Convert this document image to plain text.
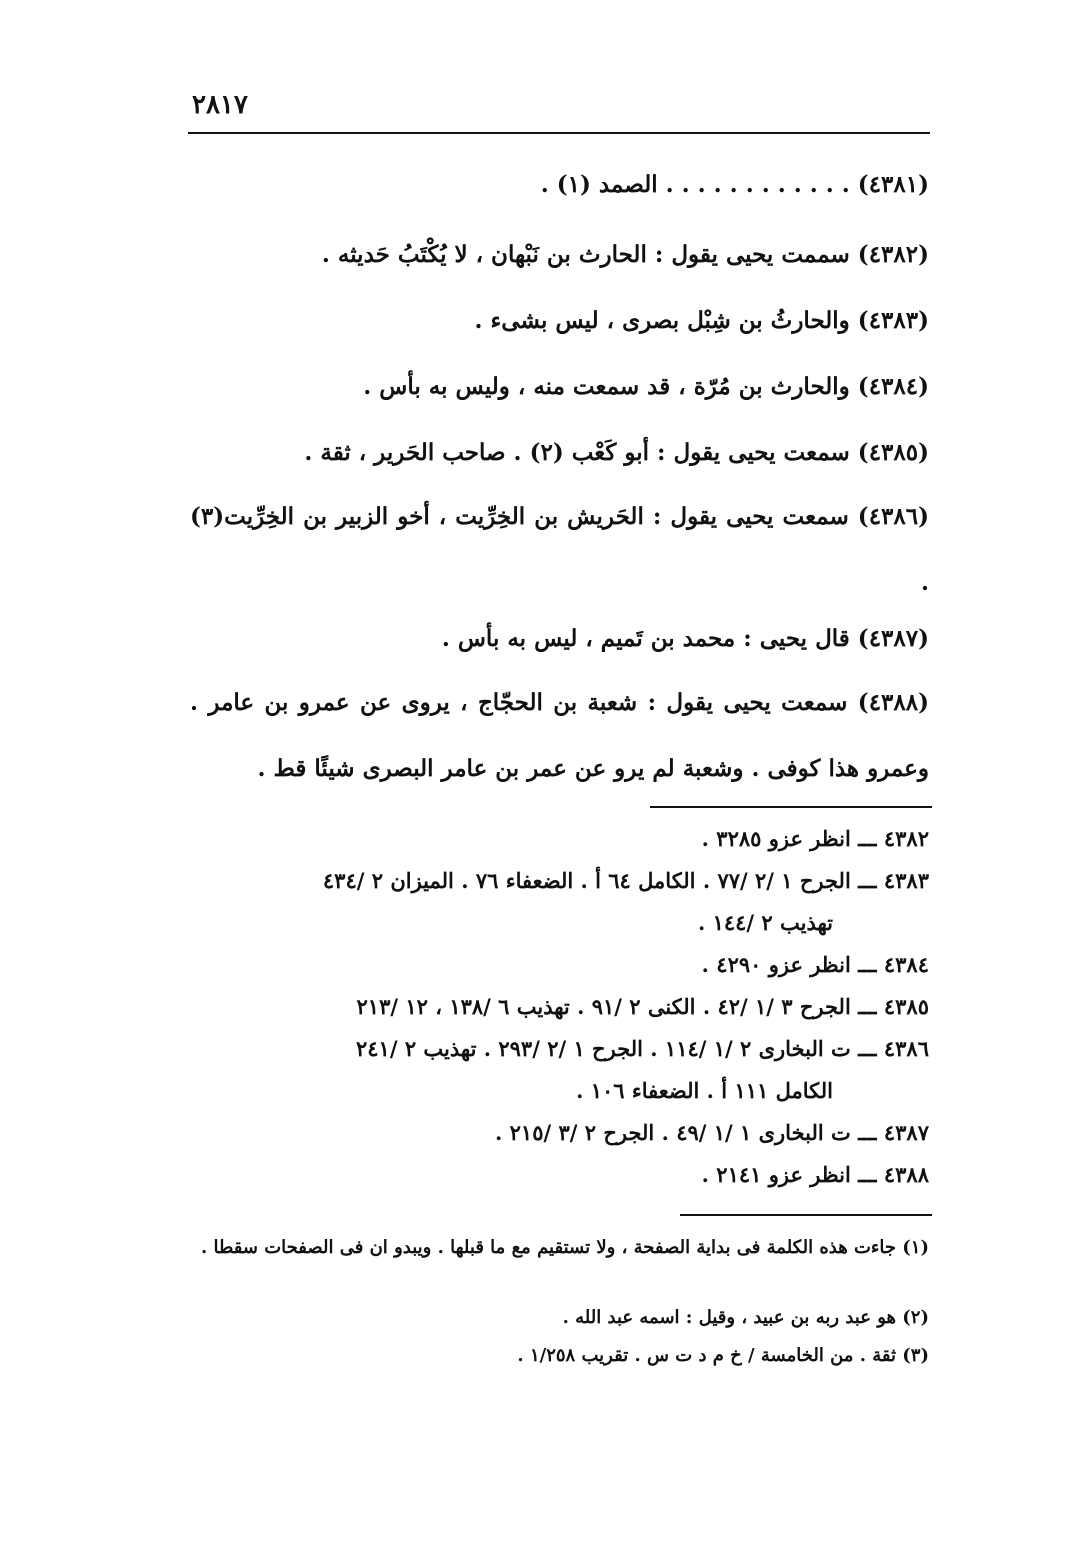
٢٨١٧
(٤٣٨١) . . . . . . . . . . . . الصمد (١) .
(٤٣٨٢) سممت يحيى يقول : الحارث بن نَبْهان ، لا يُكْتَبُ حَديثه .
(٤٣٨٣) والحارثُ بن شِبْل بصرى ، ليس بشىء .
(٤٣٨٤) والحارث بن مُرّة ، قد سمعت منه ، وليس به بأس .
(٤٣٨٥) سمعت يحيى يقول : أبو كَعْب (٢) . صاحب الحَرير ، ثقة .
(٤٣٨٦) سمعت يحيى يقول : الحَريش بن الخِرِّيت ، أخو الزبير بن الخِرِّيت(٣) .
(٤٣٨٧) قال يحيى : محمد بن تَميم ، ليس به بأس .
(٤٣٨٨) سمعت يحيى يقول : شعبة بن الحجّاج ، يروى عن عمرو بن عامر . وعمرو هذا كوفى . وشعبة لم يرو عن عمر بن عامر البصرى شيئًا قط .
٤٣٨٢ ـــ انظر عزو ٣٢٨٥ .
٤٣٨٣ ـــ الجرح ١ /٢ /٧٧ . الكامل ٦٤ أ . الضعفاء ٧٦ . الميزان ٢ /٤٣٤
تهذيب ٢ /١٤٤ .
٤٣٨٤ ـــ انظر عزو ٤٢٩٠ .
٤٣٨٥ ـــ الجرح ٣ /١ /٤٢ . الكنى ٢ /٩١ . تهذيب ٦ /١٣٨ ، ١٢ /٢١٣
٤٣٨٦ ـــ ت البخارى ٢ /١ /١١٤ . الجرح ١ /٢ /٢٩٣ . تهذيب ٢ /٢٤١
الكامل ١١١ أ . الضعفاء ١٠٦ .
٤٣٨٧ ـــ ت البخارى ١ /١ /٤٩ . الجرح ٢ /٣ /٢١٥ .
٤٣٨٨ ـــ انظر عزو ٢١٤١ .
(١) جاءت هذه الكلمة فى بداية الصفحة ، ولا تستقيم مع ما قبلها . ويبدو ان فى الصفحات سقطا .
(٢) هو عبد ربه بن عبيد ، وقيل : اسمه عبد الله .
(٣) ثقة . من الخامسة / خ م د ت س . تقريب ١/٢٥٨ .
